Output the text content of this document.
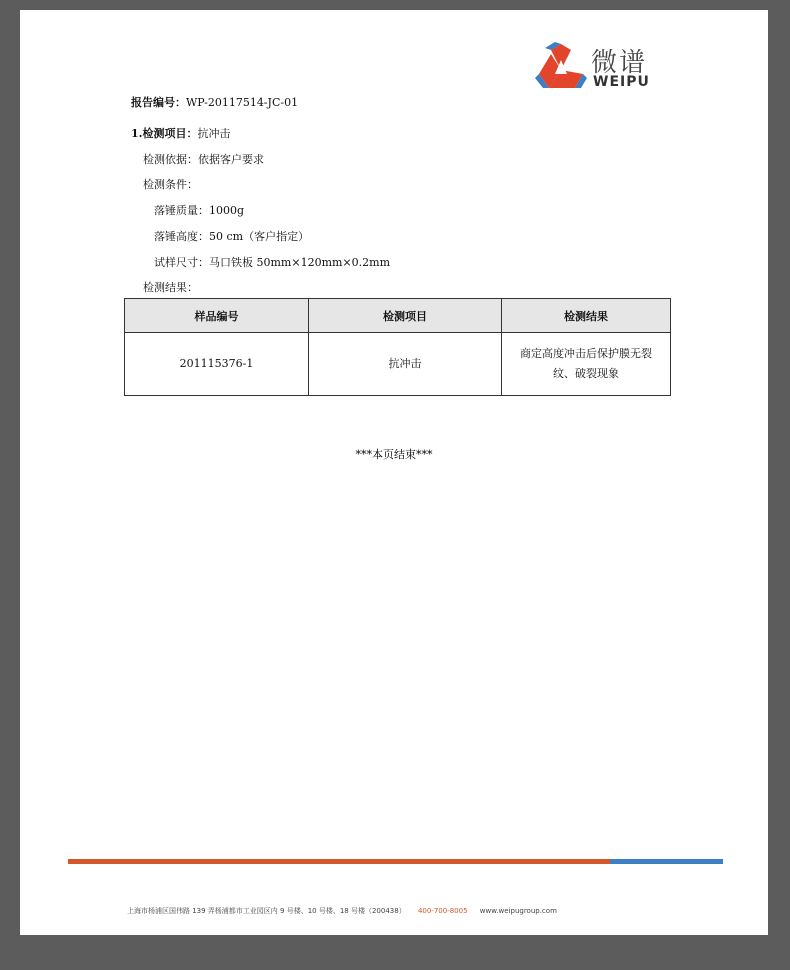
微谱
WEIPU
报告编号：WP-20117514-JC-01
1.检测项目：抗冲击
检测依据：依据客户要求
检测条件：
落锤质量：1000g
落锤高度：50 cm（客户指定）
试样尺寸：马口铁板 50mm×120mm×0.2mm
检测结果：
样品编号	检测项目	检测结果
201115376-1	抗冲击	商定高度冲击后保护膜无裂纹、破裂现象
***本页结束***
上海市杨浦区国伟路 139 弄杨浦都市工业园区内 9 号楼、10 号楼、18 号楼（200438） 400-700-8005 www.weipugroup.com
